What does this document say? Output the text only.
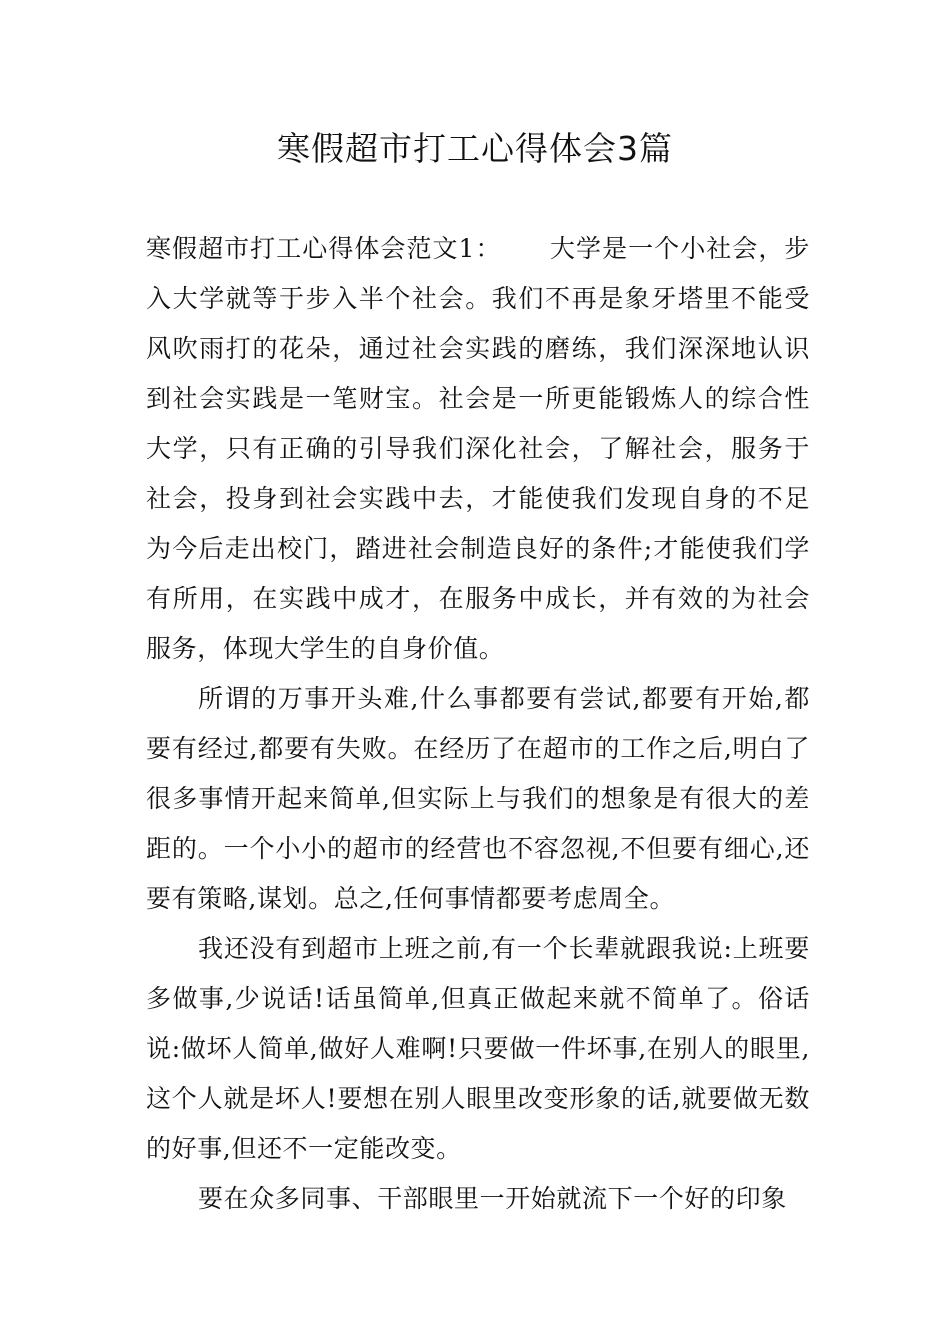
寒假超市打工心得体会3篇

寒假超市打工心得体会范文1： 大学是一个小社会，步入大学就等于步入半个社会。我们不再是象牙塔里不能受风吹雨打的花朵，通过社会实践的磨练，我们深深地认识到社会实践是一笔财宝。社会是一所更能锻炼人的综合性大学，只有正确的引导我们深化社会，了解社会，服务于社会，投身到社会实践中去，才能使我们发现自身的不足为今后走出校门，踏进社会制造良好的条件;才能使我们学有所用，在实践中成才，在服务中成长，并有效的为社会服务，体现大学生的自身价值。

所谓的万事开头难,什么事都要有尝试,都要有开始,都要有经过,都要有失败。在经历了在超市的工作之后,明白了很多事情开起来简单,但实际上与我们的想象是有很大的差距的。一个小小的超市的经营也不容忽视,不但要有细心,还要有策略,谋划。总之,任何事情都要考虑周全。

我还没有到超市上班之前,有一个长辈就跟我说:上班要多做事,少说话!话虽简单,但真正做起来就不简单了。俗话说:做坏人简单,做好人难啊!只要做一件坏事,在别人的眼里,这个人就是坏人!要想在别人眼里改变形象的话,就要做无数的好事,但还不一定能改变。

要在众多同事、干部眼里一开始就流下一个好的印象
